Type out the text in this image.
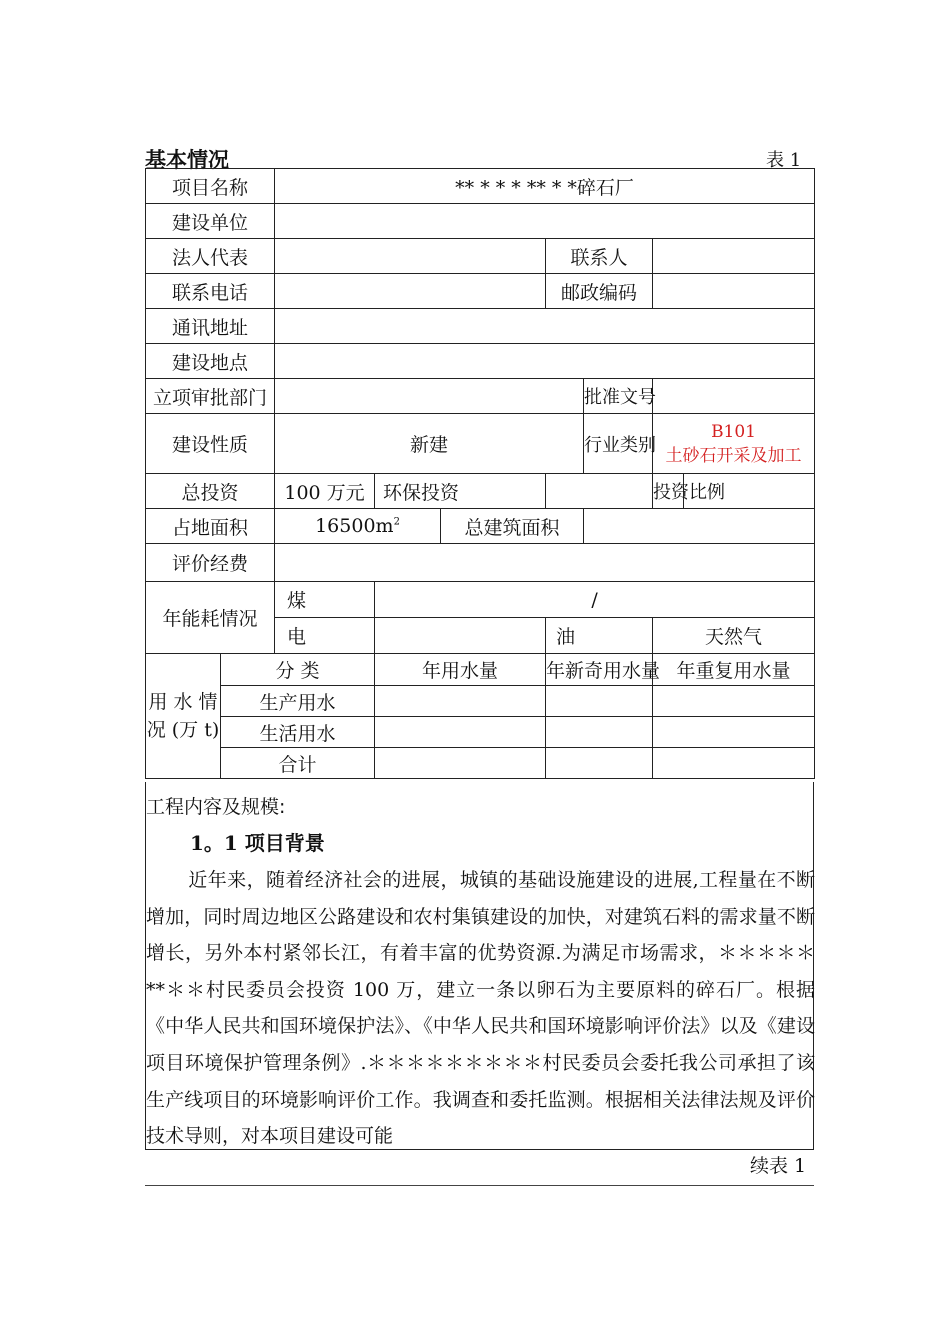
基本情况	表 1
项目名称		** * * * ** * *碎石厂							
建设单位									
法人代表					联系人				
联系电话					邮政编码				
通讯地址									
建设地点									
立项审批部门						批准文号			
建设性质		新建				行业类别	B101
土砂石开采及加工		

总投资		100 万元	环保投资				投资比例		
占地面积		$16500m^2$		总建筑面积					
评价经费									
年能耗情况		煤	/						
		电			油		天然气		
用 水 情 况 (万 t)	分 类		年用水量		年新奇用水量		年重复用水量		
	生产用水								
	生活用水								
	合计								
工程内容及规模:
1。1 项目背景
近年来，随着经济社会的进展，城镇的基础设施建设的进展,工程量在不断增加，同时周边地区公路建设和农村集镇建设的加快，对建筑石料的需求量不断增长，另外本村紧邻长江，有着丰富的优势资源.为满足市场需求，＊＊＊＊＊**＊＊村民委员会投资 100 万，建立一条以卵石为主要原料的碎石厂。根据《中华人民共和国环境保护法》、《中华人民共和国环境影响评价法》以及《建设项目环境保护管理条例》.＊＊＊＊＊＊＊＊＊村民委员会委托我公司承担了该生产线项目的环境影响评价工作。我调查和委托监测。根据相关法律法规及评价技术导则，对本项目建设可能
续表 1
